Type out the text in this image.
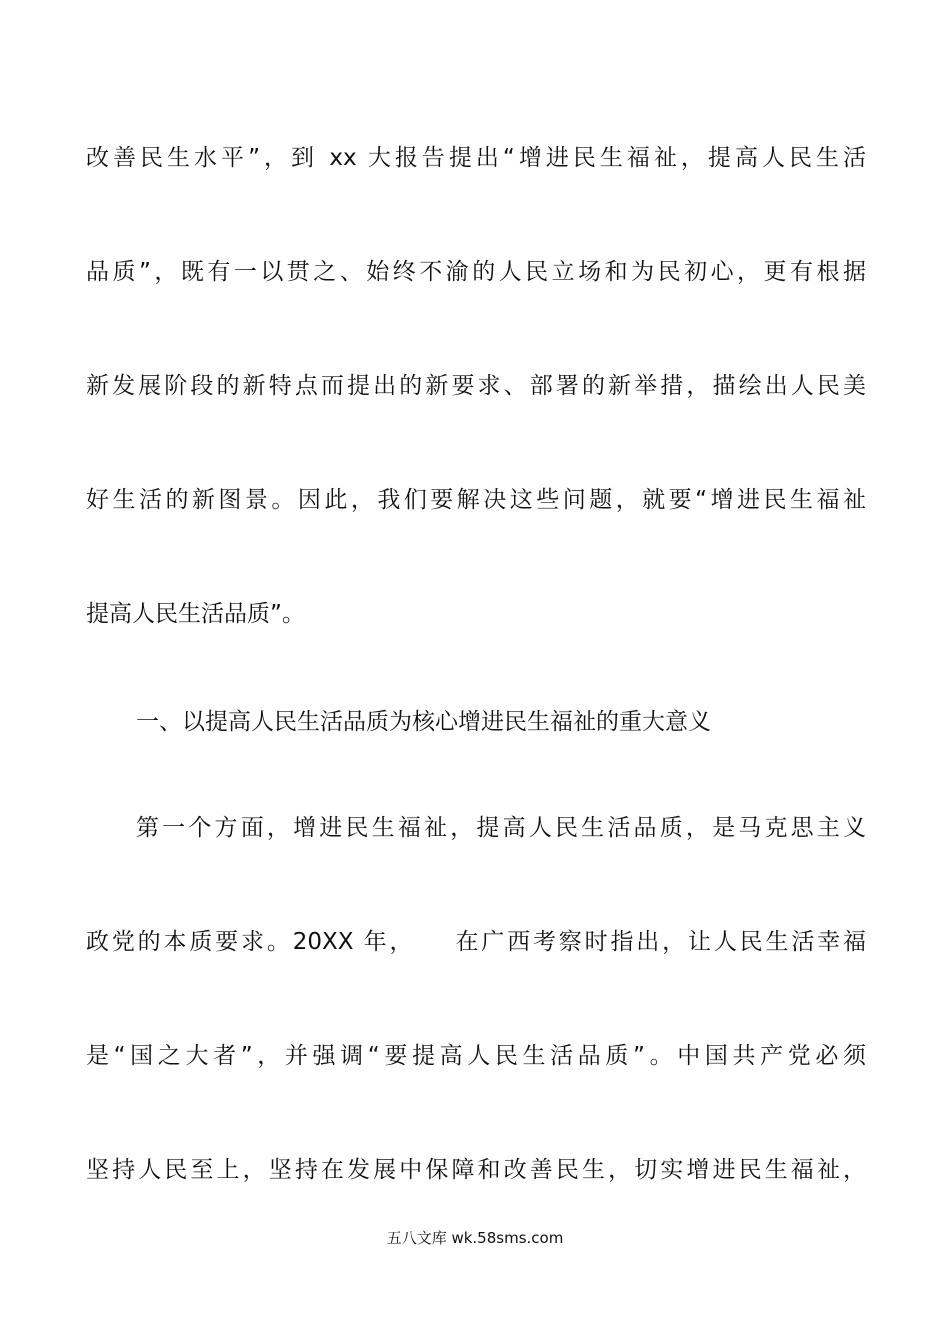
改善民生水平”，到 xx 大报告提出“增进民生福祉，提高人民生活
品质”，既有一以贯之、始终不渝的人民立场和为民初心，更有根据
新发展阶段的新特点而提出的新要求、部署的新举措，描绘出人民美
好生活的新图景。因此，我们要解决这些问题，就要“增进民生福祉
提高人民生活品质”。
一、以提高人民生活品质为核心增进民生福祉的重大意义
第一个方面，增进民生福祉，提高人民生活品质，是马克思主义
政党的本质要求。20XX 年，　　在广西考察时指出，让人民生活幸福
是“国之大者”，并强调“要提高人民生活品质”。中国共产党必须
坚持人民至上，坚持在发展中保障和改善民生，切实增进民生福祉，
五八文库 wk.58sms.com
